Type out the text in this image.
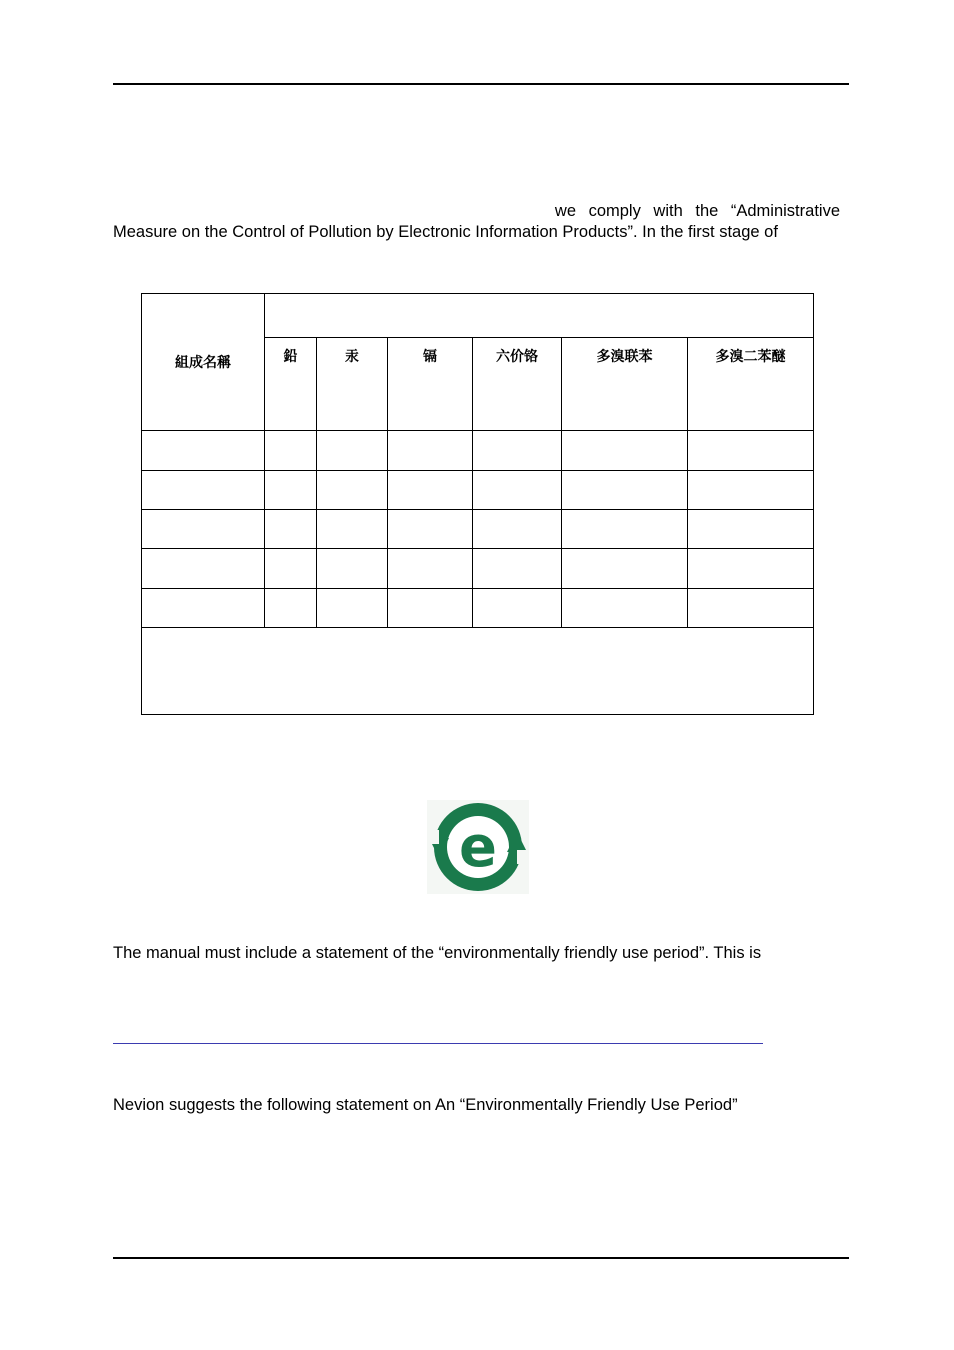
we comply with the “Administrative
Measure on the Control of Pollution by Electronic Information Products”. In the first stage of

組成名稱						
	鉛	汞	镉	六价铬	多溴联苯	多溴二苯醚

e

The manual must include a statement of the “environmentally friendly use period”. This is

Nevion suggests the following statement on An “Environmentally Friendly Use Period”
